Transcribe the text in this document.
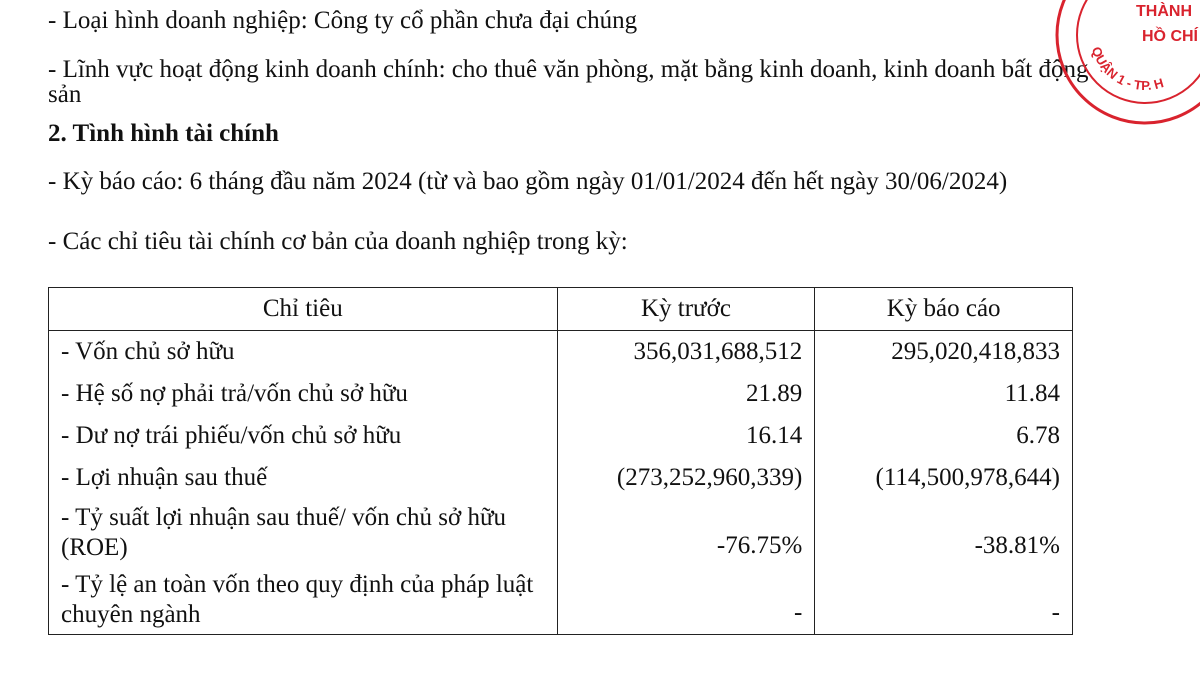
- Loại hình doanh nghiệp: Công ty cổ phần chưa đại chúng
- Lĩnh vực hoạt động kinh doanh chính: cho thuê văn phòng, mặt bằng kinh doanh, kinh doanh bất động
sản
2. Tình hình tài chính
- Kỳ báo cáo: 6 tháng đầu năm 2024 (từ và bao gồm ngày 01/01/2024 đến hết ngày 30/06/2024)
- Các chỉ tiêu tài chính cơ bản của doanh nghiệp trong kỳ:
Chỉ tiêu	Kỳ trước	Kỳ báo cáo
- Vốn chủ sở hữu	356,031,688,512	295,020,418,833
- Hệ số nợ phải trả/vốn chủ sở hữu	21.89	11.84
- Dư nợ trái phiếu/vốn chủ sở hữu	16.14	6.78
- Lợi nhuận sau thuế	(273,252,960,339)	(114,500,978,644)

- Tỷ suất lợi nhuận sau thuế/ vốn chủ sở hữu
(ROE)	-76.75%	-38.81%

- Tỷ lệ an toàn vốn theo quy định của pháp luật
chuyên ngành	-	-
THÀNH
HỒ CHÍ
QUẬN 1 - TP. H
